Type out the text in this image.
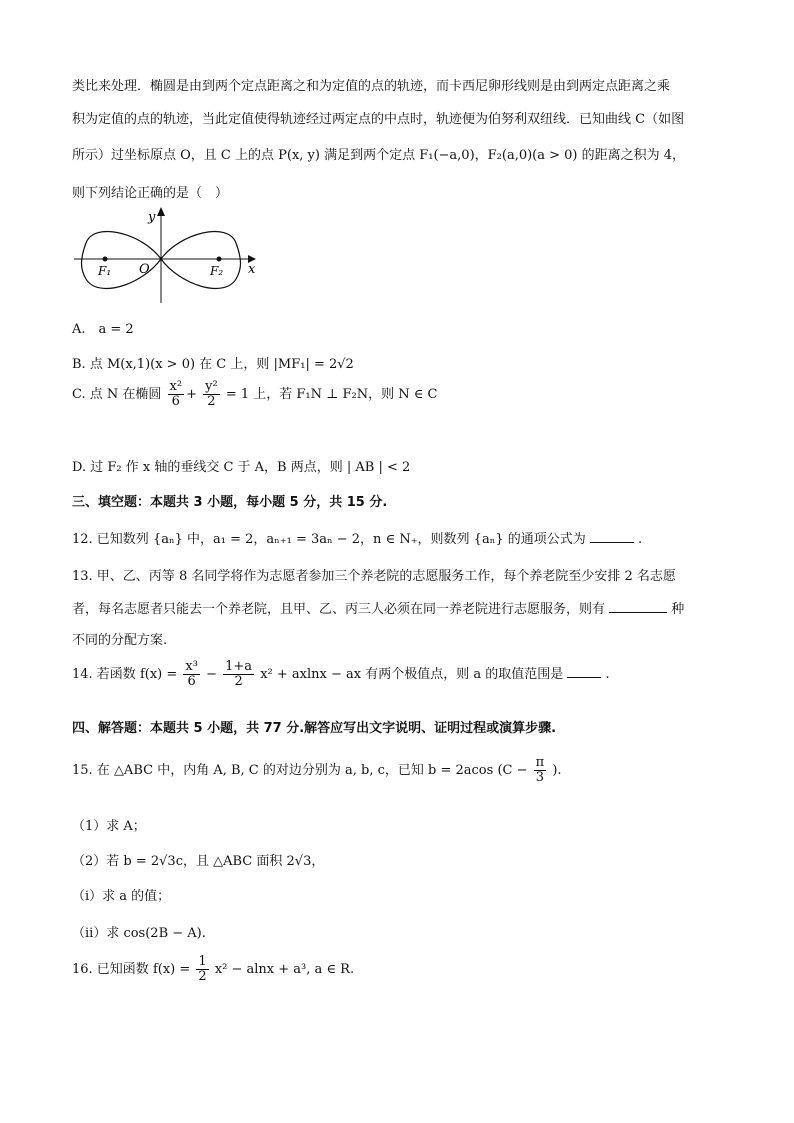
类比来处理．椭圆是由到两个定点距离之和为定值的点的轨迹，而卡西尼卵形线则是由到两定点距离之乘
积为定值的点的轨迹，当此定值使得轨迹经过两定点的中点时，轨迹便为伯努利双纽线．已知曲线 C（如图
所示）过坐标原点 O，且 C 上的点 P(x, y) 满足到两个定点 F₁(−a,0)，F₂(a,0)(a > 0) 的距离之积为 4，
则下列结论正确的是（　）
y
x
O
F₁	F₂
A.　a = 2
B. 点 M(x,1)(x > 0) 在 C 上，则 |MF₁| = 2√2
C. 点 N 在椭圆 $\frac{\text{x²}}{6} + \frac{\text{y²}}{2} = 1$ 上，若 F₁N ⊥ F₂N，则 N ∈ C
D. 过 F₂ 作 x 轴的垂线交 C 于 A，B 两点，则 | AB | < 2
三、填空题：本题共 3 小题，每小题 5 分，共 15 分.
12. 已知数列 {aₙ} 中，a₁ = 2，aₙ₊₁ = 3aₙ − 2，n ∈ N₊，则数列 {aₙ} 的通项公式为	.
13. 甲、乙、丙等 8 名同学将作为志愿者参加三个养老院的志愿服务工作，每个养老院至少安排 2 名志愿
者，每名志愿者只能去一个养老院，且甲、乙、丙三人必须在同一养老院进行志愿服务，则有	种
不同的分配方案.
14. 若函数 $f(x) = \frac{\text{x³}}{6} - \frac{1+a}{2} x^2 + axlnx$ − ax 有两个极值点，则 a 的取值范围是	.
四、解答题：本题共 5 小题，共 77 分.解答应写出文字说明、证明过程或演算步骤.
15. 在 △ABC 中，内角 A, B, C 的对边分别为 a, b, c，已知 b = 2acos ($C - \frac{\pi}{3}$ ).
（1）求 A；
（2）若 b = 2√3c，且 △ABC 面积 2√3，
（i）求 a 的值；
（ii）求 cos(2B − A).
16. 已知函数 $f(x) = \frac{1}{2} x^2 - alnx + a^3$, a ∈ R.
